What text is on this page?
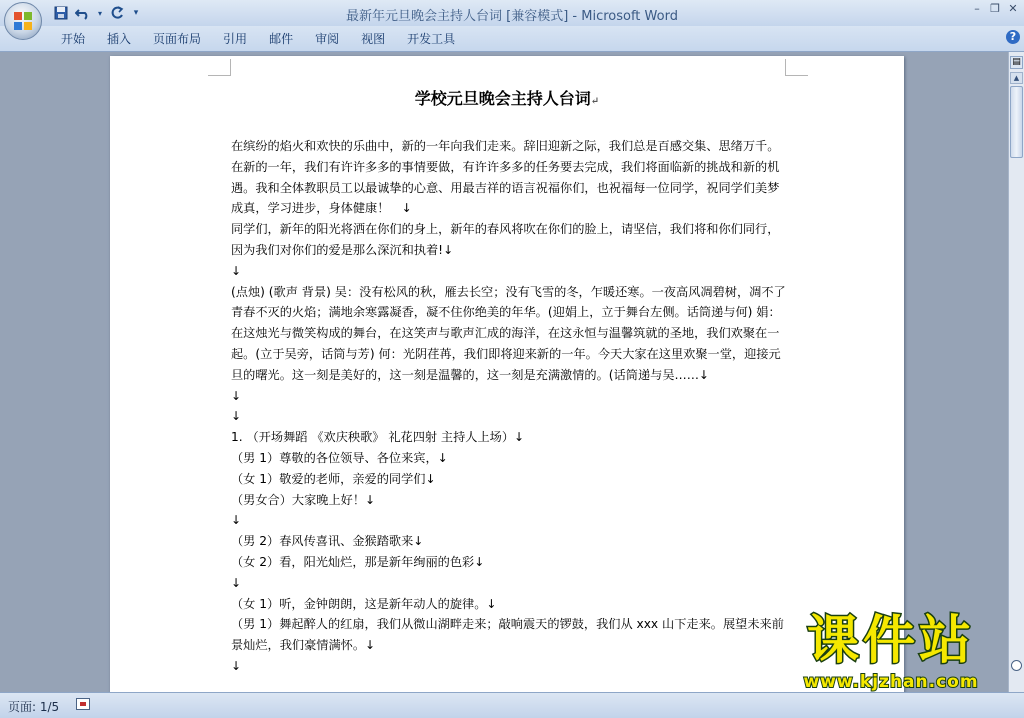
▾	▾	最新年元旦晚会主持人台词 [兼容模式] - Microsoft Word
– ❐ ✕
开始	插入	页面布局	引用	邮件	审阅	视图	开发工具	?
学校元旦晚会主持人台词↵

在缤纷的焰火和欢快的乐曲中，新的一年向我们走来。辞旧迎新之际，我们总是百感交集、思绪万千。在新的一年，我们有许许多多的事情要做，有许许多多的任务要去完成，我们将面临新的挑战和新的机遇。我和全体教职员工以最诚挚的心意、用最吉祥的语言祝福你们，也祝福每一位同学，祝同学们美梦成真，学习进步，身体健康！　↓

同学们，新年的阳光将洒在你们的身上，新年的春风将吹在你们的脸上，请坚信，我们将和你们同行，因为我们对你们的爱是那么深沉和执着!↓

↓

(点烛) (歌声 背景) 吴：没有松风的秋，雁去长空；没有飞雪的冬，乍暖还寒。一夜高风凋碧树，凋不了青春不灭的火焰；满地余寒露凝香，凝不住你绝美的年华。(迎娟上，立于舞台左侧。话筒递与何) 娟：在这烛光与微笑构成的舞台，在这笑声与歌声汇成的海洋，在这永恒与温馨筑就的圣地，我们欢聚在一起。(立于吴旁，话筒与芳) 何：光阴荏苒，我们即将迎来新的一年。今天大家在这里欢聚一堂，迎接元旦的曙光。这一刻是美好的，这一刻是温馨的，这一刻是充满激情的。(话筒递与吴……↓

↓

↓

1. （开场舞蹈 《欢庆秧歌》 礼花四射 主持人上场）↓

（男 1）尊敬的各位领导、各位来宾，↓

（女 1）敬爱的老师，亲爱的同学们↓

（男女合）大家晚上好！↓

↓

（男 2）春风传喜讯、金猴踏歌来↓

（女 2）看，阳光灿烂，那是新年绚丽的色彩↓

↓

（女 1）听，金钟朗朗，这是新年动人的旋律。↓

（男 1）舞起醉人的红扇，我们从微山湖畔走来；敲响震天的锣鼓，我们从 xxx 山下走来。展望未来前景灿烂，我们豪情满怀。↓

↓

▤
▲
页面: 1/5
课件站
www.kjzhan.com
